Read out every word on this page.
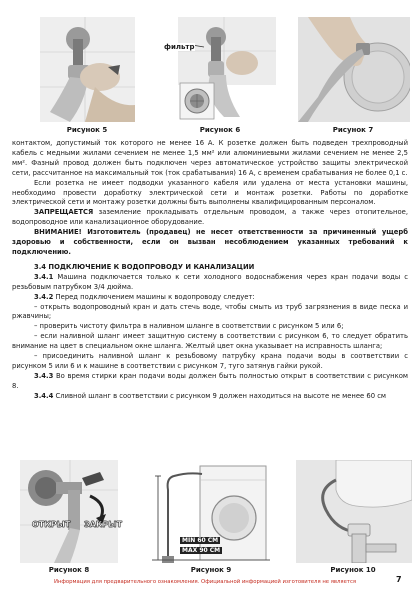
Рисунок 5
фильтр
Рисунок 6	Рисунок 7

контактом, допустимый ток которого не менее 16 А. К розетке должен быть подведен трехпроводный кабель с медными жилами сечением не менее 1,5 мм² или алюминиевыми жилами сечением не менее 2,5 мм². Фазный провод должен быть подключен через автоматическое устройство защиты электрической сети, рассчитанное на максимальный ток (ток срабатывания) 16 А, с временем срабатывания не более 0,1 с.

Если розетка не имеет подводки указанного кабеля или удалена от места установки машины, необходимо провести доработку электрической сети и монтаж розетки. Работы по доработке электрической сети и монтажу розетки должны быть выполнены квалифицированным персоналом.

ЗАПРЕЩАЕТСЯ заземление прокладывать отдельным проводом, а также через отопительное, водопроводное или канализационное оборудование.

ВНИМАНИЕ! Изготовитель (продавец) не несет ответственности за причиненный ущерб здоровью и собственности, если он вызван несоблюдением указанных требований к подключению.

3.4 ПОДКЛЮЧЕНИЕ К ВОДОПРОВОДУ И КАНАЛИЗАЦИИ

3.4.1 Машина подключается только к сети холодного водоснабжения через кран подачи воды с резьбовым патрубком 3/4 дюйма.

3.4.2 Перед подключением машины к водопроводу следует:

– открыть водопроводный кран и дать стечь воде, чтобы смыть из труб загрязнения в виде песка и ржавчины;

– проверить чистоту фильтра в наливном шланге в соответствии с рисунком 5 или 6;

– если наливной шланг имеет защитную систему в соответствии с рисунком 6, то следует обратить внимание на цвет в специальном окне шланга. Желтый цвет окна указывает на исправность шланга;

– присоединить наливной шланг к резьбовому патрубку крана подачи воды в соответствии с рисунком 5 или 6 и к машине в соответствии с рисунком 7, туго затянув гайки рукой.

3.4.3 Во время стирки кран подачи воды должен быть полностью открыт в соответствии с рисунком 8.

3.4.4 Сливной шланг в соответствии с рисунком 9 должен находиться на высоте не менее 60 см

ОТКРЫТ ЗАКРЫТ
Рисунок 8
MIN 60 CM
MAX 90 CM
Рисунок 9	Рисунок 10
Информация для предварительного ознакомления. Официальной информацией изготовителя не является	7
